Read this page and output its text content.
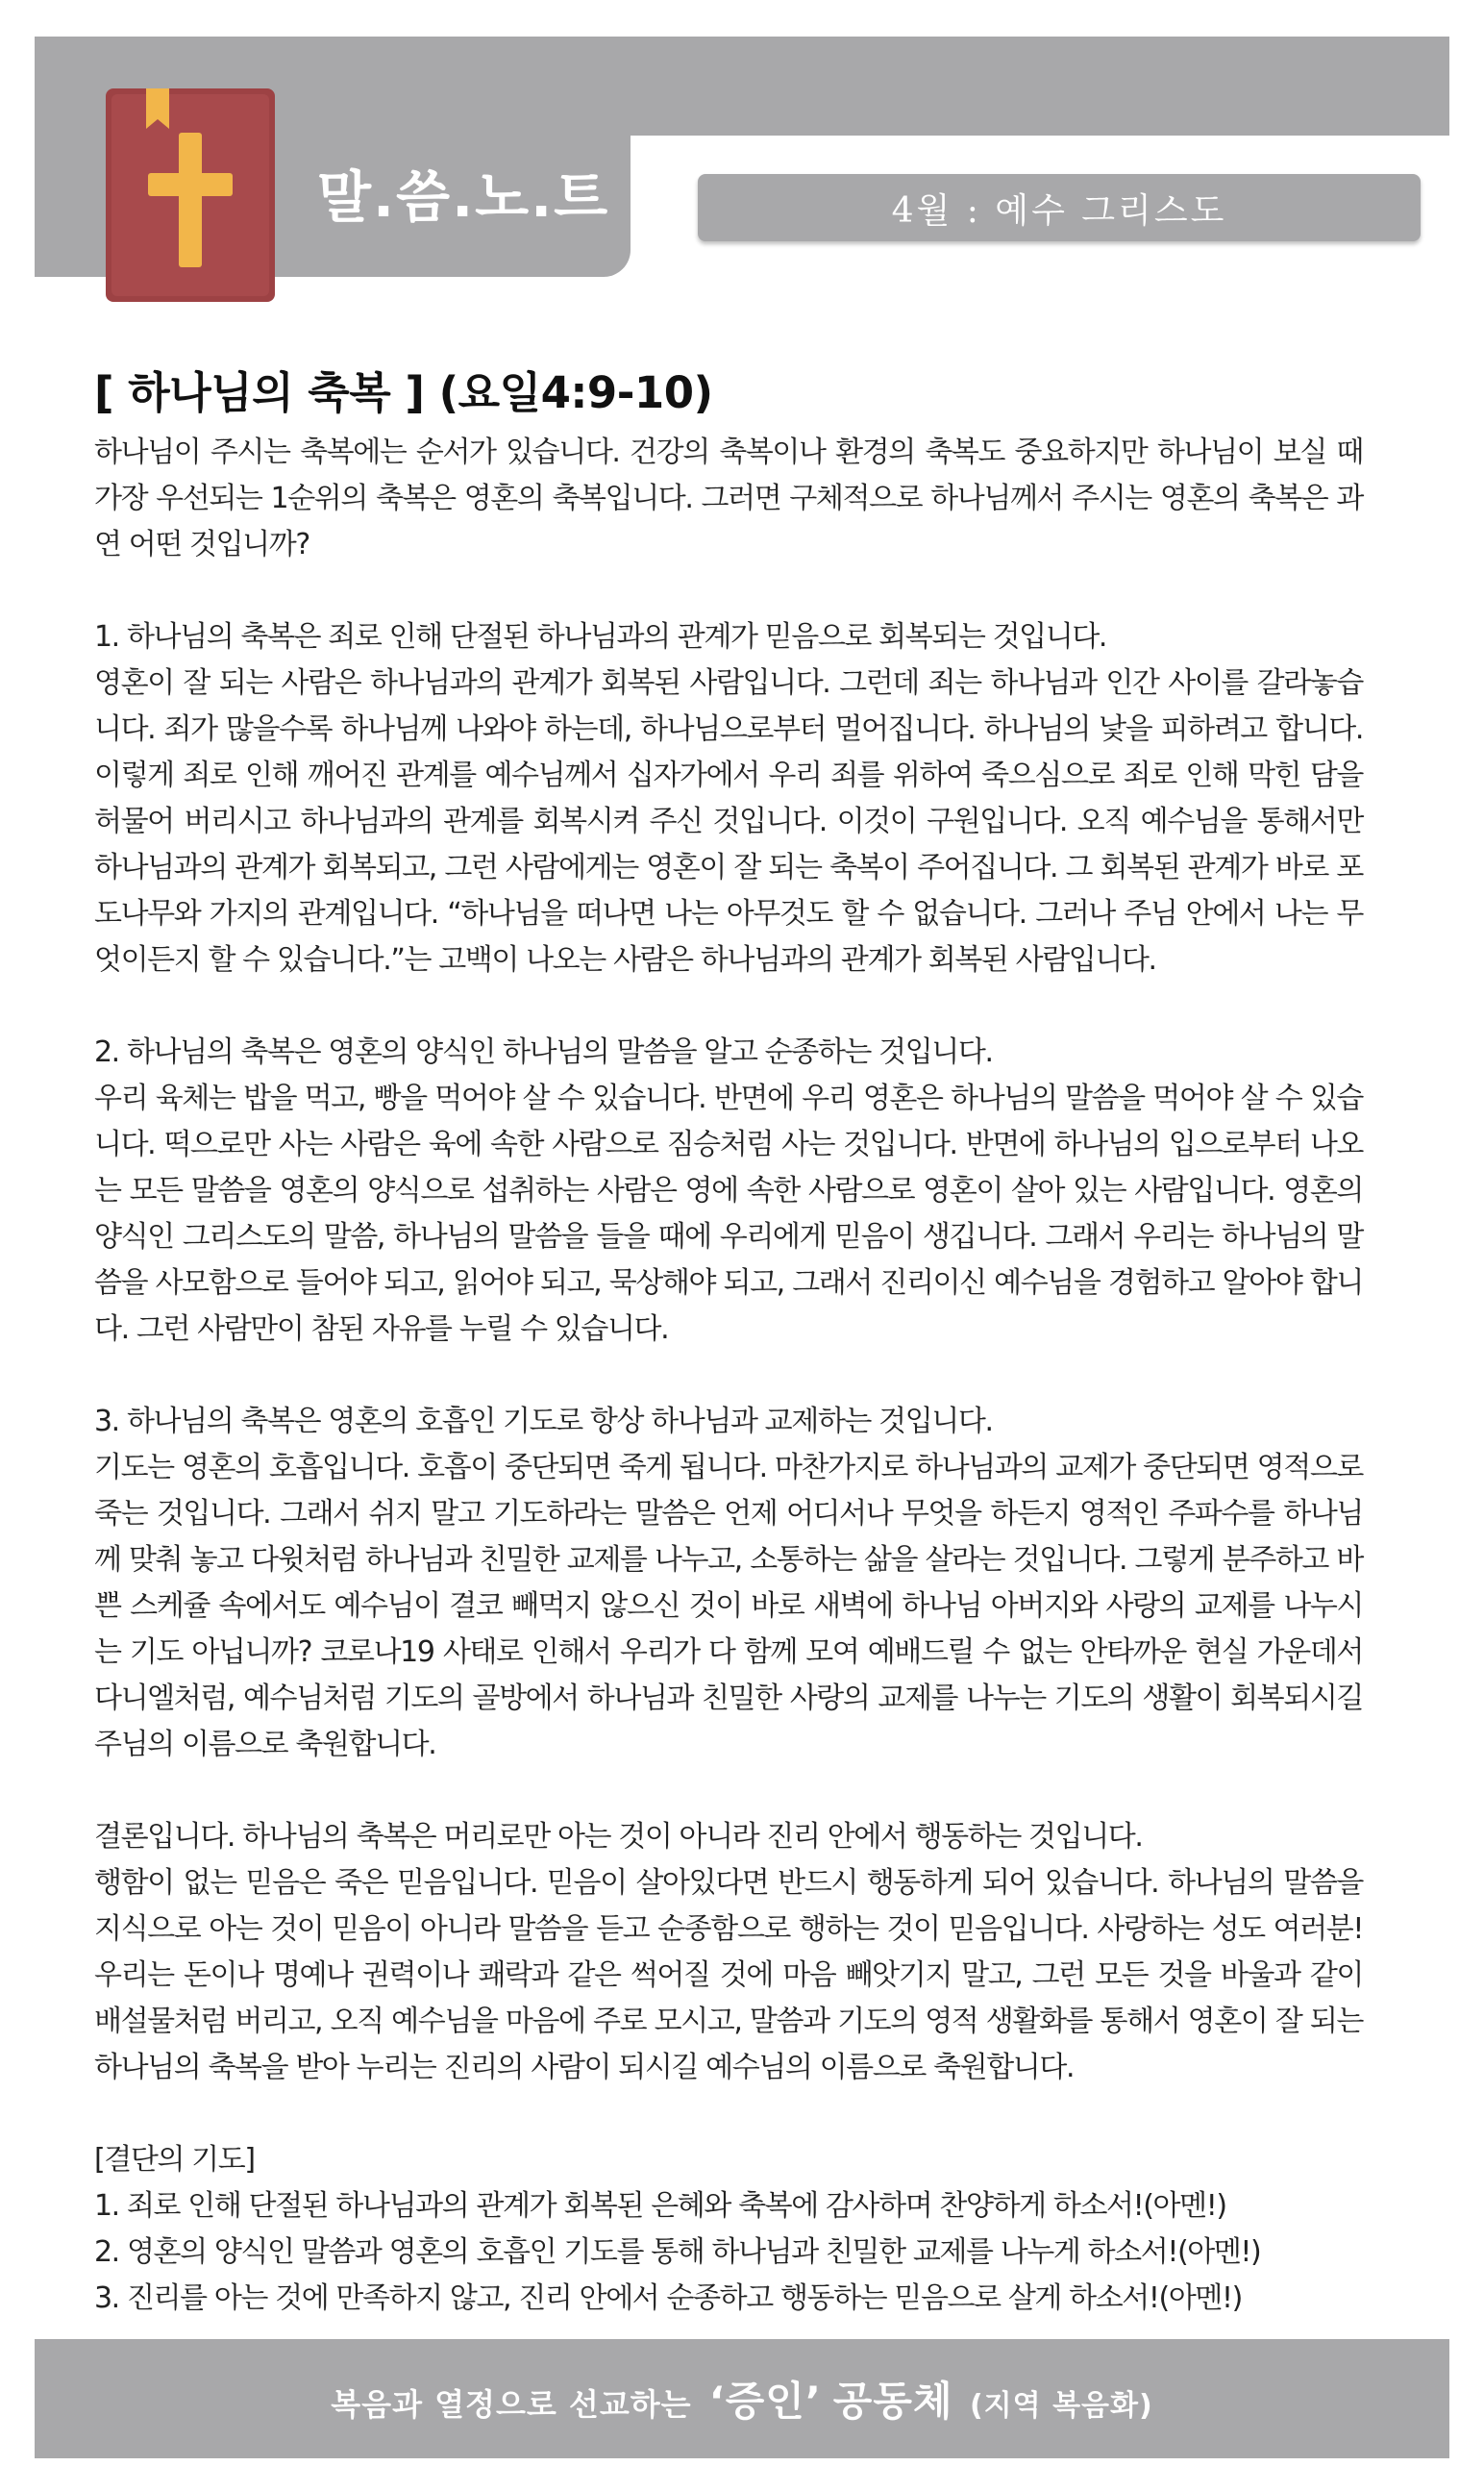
말.씀.노.트	4월 : 예수 그리스도
[ 하나님의 축복 ] (요일4:9-10)

하나님이 주시는 축복에는 순서가 있습니다. 건강의 축복이나 환경의 축복도 중요하지만 하나님이 보실 때 가장 우선되는 1순위의 축복은 영혼의 축복입니다. 그러면 구체적으로 하나님께서 주시는 영혼의 축복은 과연 어떤 것입니까?

1. 하나님의 축복은 죄로 인해 단절된 하나님과의 관계가 믿음으로 회복되는 것입니다.

영혼이 잘 되는 사람은 하나님과의 관계가 회복된 사람입니다. 그런데 죄는 하나님과 인간 사이를 갈라놓습니다. 죄가 많을수록 하나님께 나와야 하는데, 하나님으로부터 멀어집니다. 하나님의 낯을 피하려고 합니다. 이렇게 죄로 인해 깨어진 관계를 예수님께서 십자가에서 우리 죄를 위하여 죽으심으로 죄로 인해 막힌 담을 허물어 버리시고 하나님과의 관계를 회복시켜 주신 것입니다. 이것이 구원입니다. 오직 예수님을 통해서만 하나님과의 관계가 회복되고, 그런 사람에게는 영혼이 잘 되는 축복이 주어집니다. 그 회복된 관계가 바로 포도나무와 가지의 관계입니다. “하나님을 떠나면 나는 아무것도 할 수 없습니다. 그러나 주님 안에서 나는 무엇이든지 할 수 있습니다.”는 고백이 나오는 사람은 하나님과의 관계가 회복된 사람입니다.

2. 하나님의 축복은 영혼의 양식인 하나님의 말씀을 알고 순종하는 것입니다.

우리 육체는 밥을 먹고, 빵을 먹어야 살 수 있습니다. 반면에 우리 영혼은 하나님의 말씀을 먹어야 살 수 있습니다. 떡으로만 사는 사람은 육에 속한 사람으로 짐승처럼 사는 것입니다. 반면에 하나님의 입으로부터 나오는 모든 말씀을 영혼의 양식으로 섭취하는 사람은 영에 속한 사람으로 영혼이 살아 있는 사람입니다. 영혼의 양식인 그리스도의 말씀, 하나님의 말씀을 들을 때에 우리에게 믿음이 생깁니다. 그래서 우리는 하나님의 말씀을 사모함으로 들어야 되고, 읽어야 되고, 묵상해야 되고, 그래서 진리이신 예수님을 경험하고 알아야 합니다. 그런 사람만이 참된 자유를 누릴 수 있습니다.

3. 하나님의 축복은 영혼의 호흡인 기도로 항상 하나님과 교제하는 것입니다.

기도는 영혼의 호흡입니다. 호흡이 중단되면 죽게 됩니다. 마찬가지로 하나님과의 교제가 중단되면 영적으로 죽는 것입니다. 그래서 쉬지 말고 기도하라는 말씀은 언제 어디서나 무엇을 하든지 영적인 주파수를 하나님께 맞춰 놓고 다윗처럼 하나님과 친밀한 교제를 나누고, 소통하는 삶을 살라는 것입니다. 그렇게 분주하고 바쁜 스케쥴 속에서도 예수님이 결코 빼먹지 않으신 것이 바로 새벽에 하나님 아버지와 사랑의 교제를 나누시는 기도 아닙니까? 코로나19 사태로 인해서 우리가 다 함께 모여 예배드릴 수 없는 안타까운 현실 가운데서 다니엘처럼, 예수님처럼 기도의 골방에서 하나님과 친밀한 사랑의 교제를 나누는 기도의 생활이 회복되시길 주님의 이름으로 축원합니다.

결론입니다. 하나님의 축복은 머리로만 아는 것이 아니라 진리 안에서 행동하는 것입니다.

행함이 없는 믿음은 죽은 믿음입니다. 믿음이 살아있다면 반드시 행동하게 되어 있습니다. 하나님의 말씀을 지식으로 아는 것이 믿음이 아니라 말씀을 듣고 순종함으로 행하는 것이 믿음입니다. 사랑하는 성도 여러분! 우리는 돈이나 명예나 권력이나 쾌락과 같은 썩어질 것에 마음 빼앗기지 말고, 그런 모든 것을 바울과 같이 배설물처럼 버리고, 오직 예수님을 마음에 주로 모시고, 말씀과 기도의 영적 생활화를 통해서 영혼이 잘 되는 하나님의 축복을 받아 누리는 진리의 사람이 되시길 예수님의 이름으로 축원합니다.

[결단의 기도]

1. 죄로 인해 단절된 하나님과의 관계가 회복된 은혜와 축복에 감사하며 찬양하게 하소서!(아멘!)

2. 영혼의 양식인 말씀과 영혼의 호흡인 기도를 통해 하나님과 친밀한 교제를 나누게 하소서!(아멘!)

3. 진리를 아는 것에 만족하지 않고, 진리 안에서 순종하고 행동하는 믿음으로 살게 하소서!(아멘!)

복음과 열정으로 선교하는 ‘증인’ 공동체 (지역 복음화)
